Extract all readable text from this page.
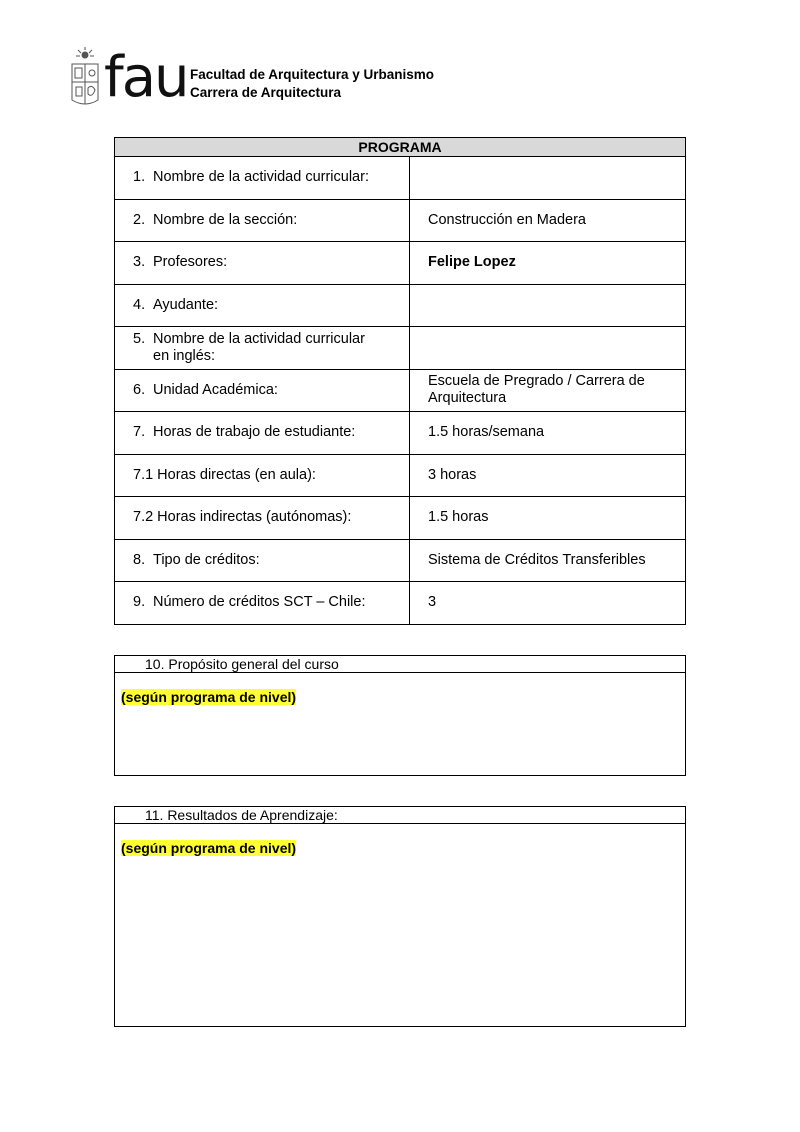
fau Facultad de Arquitectura y Urbanismo
Carrera de Arquitectura
PROGRAMA	
1. Nombre de la actividad curricular:	
2. Nombre de la sección:	Construcción en Madera
3. Profesores:	Felipe Lopez
4. Ayudante:	
5. Nombre de la actividad curricular en inglés:	
6. Unidad Académica:	Escuela de Pregrado / Carrera de Arquitectura
7. Horas de trabajo de estudiante:	1.5 horas/semana
7.1 Horas directas (en aula):	3 horas
7.2 Horas indirectas (autónomas):	1.5 horas
8. Tipo de créditos:	Sistema de Créditos Transferibles
9. Número de créditos SCT – Chile:	3
10. Propósito general del curso
(según programa de nivel)
11. Resultados de Aprendizaje:
(según programa de nivel)
